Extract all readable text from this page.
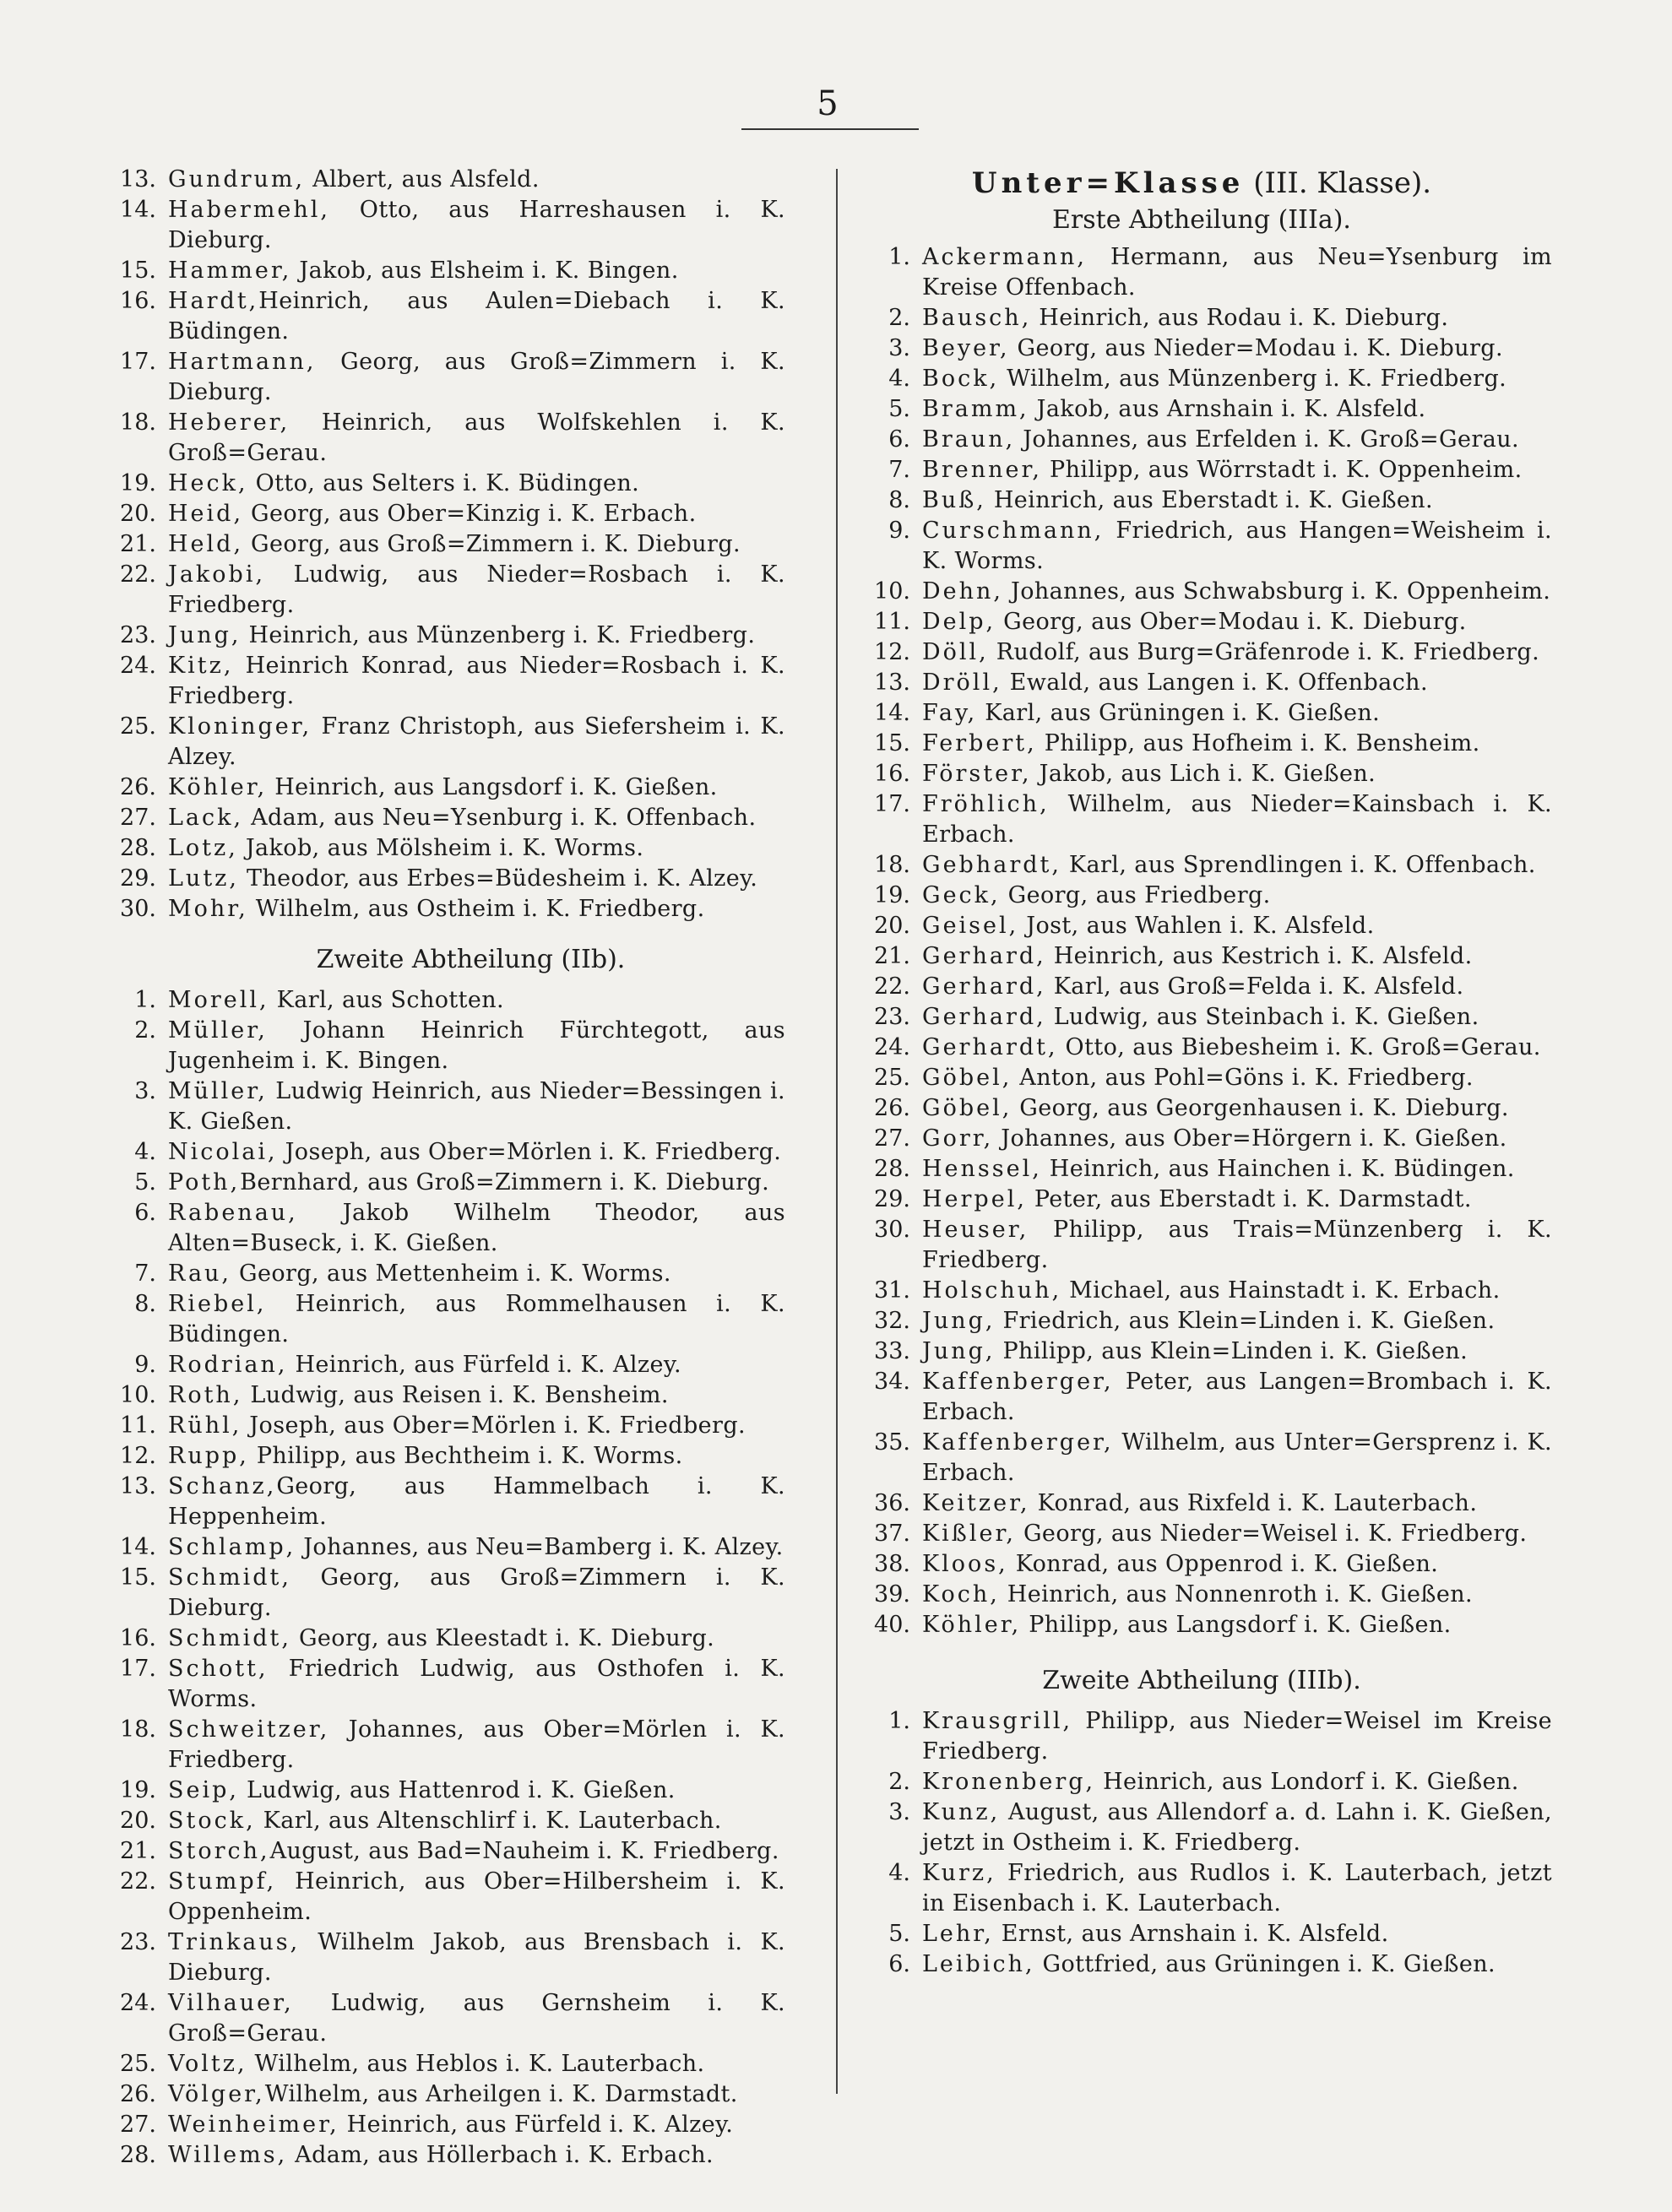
5
13. Gundrum, Albert, aus Alsfeld.
14. Habermehl, Otto, aus Harreshausen i. K. Dieburg.
15. Hammer, Jakob, aus Elsheim i. K. Bingen.
16. Hardt,Heinrich, aus Aulen=Diebach i. K. Büdingen.
17. Hartmann, Georg, aus Groß=Zimmern i. K. Dieburg.
18. Heberer, Heinrich, aus Wolfskehlen i. K. Groß=Gerau.
19. Heck, Otto, aus Selters i. K. Büdingen.
20. Heid, Georg, aus Ober=Kinzig i. K. Erbach.
21. Held, Georg, aus Groß=Zimmern i. K. Dieburg.
22. Jakobi, Ludwig, aus Nieder=Rosbach i. K. Friedberg.
23. Jung, Heinrich, aus Münzenberg i. K. Friedberg.
24. Kitz, Heinrich Konrad, aus Nieder=Rosbach i. K. Friedberg.
25. Kloninger, Franz Christoph, aus Siefersheim i. K. Alzey.
26. Köhler, Heinrich, aus Langsdorf i. K. Gießen.
27. Lack, Adam, aus Neu=Ysenburg i. K. Offenbach.
28. Lotz, Jakob, aus Mölsheim i. K. Worms.
29. Lutz, Theodor, aus Erbes=Büdesheim i. K. Alzey.
30. Mohr, Wilhelm, aus Ostheim i. K. Friedberg.
Zweite Abtheilung (IIb).
1. Morell, Karl, aus Schotten.
2. Müller, Johann Heinrich Fürchtegott, aus Jugenheim i. K. Bingen.
3. Müller, Ludwig Heinrich, aus Nieder=Bessingen i. K. Gießen.
4. Nicolai, Joseph, aus Ober=Mörlen i. K. Friedberg.
5. Poth,Bernhard, aus Groß=Zimmern i. K. Dieburg.
6. Rabenau, Jakob Wilhelm Theodor, aus Alten=Buseck, i. K. Gießen.
7. Rau, Georg, aus Mettenheim i. K. Worms.
8. Riebel, Heinrich, aus Rommelhausen i. K. Büdingen.
9. Rodrian, Heinrich, aus Fürfeld i. K. Alzey.
10. Roth, Ludwig, aus Reisen i. K. Bensheim.
11. Rühl, Joseph, aus Ober=Mörlen i. K. Friedberg.
12. Rupp, Philipp, aus Bechtheim i. K. Worms.
13. Schanz,Georg, aus Hammelbach i. K. Heppenheim.
14. Schlamp, Johannes, aus Neu=Bamberg i. K. Alzey.
15. Schmidt, Georg, aus Groß=Zimmern i. K. Dieburg.
16. Schmidt, Georg, aus Kleestadt i. K. Dieburg.
17. Schott, Friedrich Ludwig, aus Osthofen i. K. Worms.
18. Schweitzer, Johannes, aus Ober=Mörlen i. K. Friedberg.
19. Seip, Ludwig, aus Hattenrod i. K. Gießen.
20. Stock, Karl, aus Altenschlirf i. K. Lauterbach.
21. Storch,August, aus Bad=Nauheim i. K. Friedberg.
22. Stumpf, Heinrich, aus Ober=Hilbersheim i. K. Oppenheim.
23. Trinkaus, Wilhelm Jakob, aus Brensbach i. K. Dieburg.
24. Vilhauer, Ludwig, aus Gernsheim i. K. Groß=Gerau.
25. Voltz, Wilhelm, aus Heblos i. K. Lauterbach.
26. Völger,Wilhelm, aus Arheilgen i. K. Darmstadt.
27. Weinheimer, Heinrich, aus Fürfeld i. K. Alzey.
28. Willems, Adam, aus Höllerbach i. K. Erbach.
Unter=Klasse (III. Klasse).
Erste Abtheilung (IIIa).
1. Ackermann, Hermann, aus Neu=Ysenburg im Kreise Offenbach.
2. Bausch, Heinrich, aus Rodau i. K. Dieburg.
3. Beyer, Georg, aus Nieder=Modau i. K. Dieburg.
4. Bock, Wilhelm, aus Münzenberg i. K. Friedberg.
5. Bramm, Jakob, aus Arnshain i. K. Alsfeld.
6. Braun, Johannes, aus Erfelden i. K. Groß=Gerau.
7. Brenner, Philipp, aus Wörrstadt i. K. Oppenheim.
8. Buß, Heinrich, aus Eberstadt i. K. Gießen.
9. Curschmann, Friedrich, aus Hangen=Weisheim i. K. Worms.
10. Dehn, Johannes, aus Schwabsburg i. K. Oppenheim.
11. Delp, Georg, aus Ober=Modau i. K. Dieburg.
12. Döll, Rudolf, aus Burg=Gräfenrode i. K. Friedberg.
13. Dröll, Ewald, aus Langen i. K. Offenbach.
14. Fay, Karl, aus Grüningen i. K. Gießen.
15. Ferbert, Philipp, aus Hofheim i. K. Bensheim.
16. Förster, Jakob, aus Lich i. K. Gießen.
17. Fröhlich, Wilhelm, aus Nieder=Kainsbach i. K. Erbach.
18. Gebhardt, Karl, aus Sprendlingen i. K. Offenbach.
19. Geck, Georg, aus Friedberg.
20. Geisel, Jost, aus Wahlen i. K. Alsfeld.
21. Gerhard, Heinrich, aus Kestrich i. K. Alsfeld.
22. Gerhard, Karl, aus Groß=Felda i. K. Alsfeld.
23. Gerhard, Ludwig, aus Steinbach i. K. Gießen.
24. Gerhardt, Otto, aus Biebesheim i. K. Groß=Gerau.
25. Göbel, Anton, aus Pohl=Göns i. K. Friedberg.
26. Göbel, Georg, aus Georgenhausen i. K. Dieburg.
27. Gorr, Johannes, aus Ober=Hörgern i. K. Gießen.
28. Henssel, Heinrich, aus Hainchen i. K. Büdingen.
29. Herpel, Peter, aus Eberstadt i. K. Darmstadt.
30. Heuser, Philipp, aus Trais=Münzenberg i. K. Friedberg.
31. Holschuh, Michael, aus Hainstadt i. K. Erbach.
32. Jung, Friedrich, aus Klein=Linden i. K. Gießen.
33. Jung, Philipp, aus Klein=Linden i. K. Gießen.
34. Kaffenberger, Peter, aus Langen=Brombach i. K. Erbach.
35. Kaffenberger, Wilhelm, aus Unter=Gersprenz i. K. Erbach.
36. Keitzer, Konrad, aus Rixfeld i. K. Lauterbach.
37. Kißler, Georg, aus Nieder=Weisel i. K. Friedberg.
38. Kloos, Konrad, aus Oppenrod i. K. Gießen.
39. Koch, Heinrich, aus Nonnenroth i. K. Gießen.
40. Köhler, Philipp, aus Langsdorf i. K. Gießen.
Zweite Abtheilung (IIIb).
1. Krausgrill, Philipp, aus Nieder=Weisel im Kreise Friedberg.
2. Kronenberg, Heinrich, aus Londorf i. K. Gießen.
3. Kunz, August, aus Allendorf a. d. Lahn i. K. Gießen, jetzt in Ostheim i. K. Friedberg.
4. Kurz, Friedrich, aus Rudlos i. K. Lauterbach, jetzt in Eisenbach i. K. Lauterbach.
5. Lehr, Ernst, aus Arnshain i. K. Alsfeld.
6. Leibich, Gottfried, aus Grüningen i. K. Gießen.
